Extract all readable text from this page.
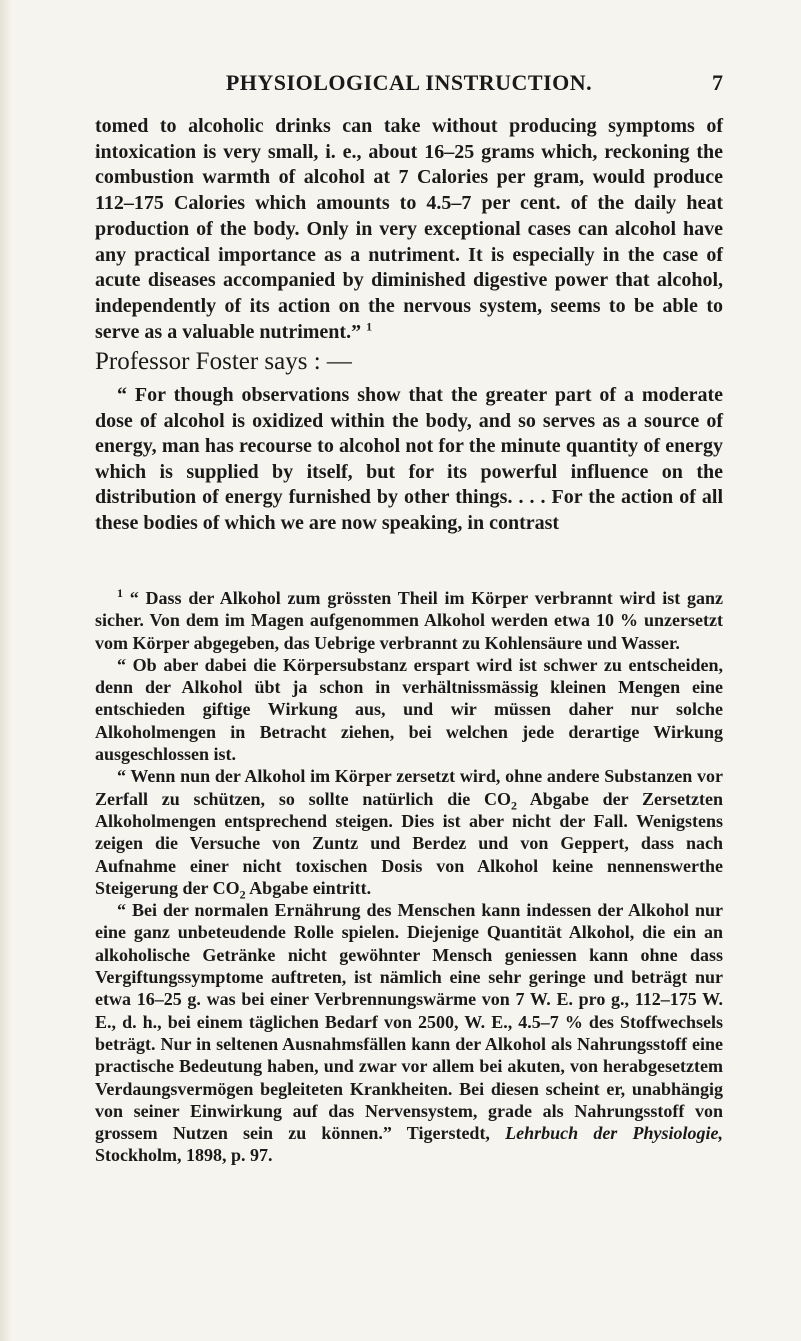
PHYSIOLOGICAL INSTRUCTION.	7

tomed to alcoholic drinks can take without producing symptoms of intoxication is very small, i. e., about 16–25 grams which, reckoning the combustion warmth of alcohol at 7 Calories per gram, would produce 112–175 Calories which amounts to 4.5–7 per cent. of the daily heat production of the body. Only in very exceptional cases can alcohol have any practical importance as a nutriment. It is especially in the case of acute diseases accompanied by diminished digestive power that alcohol, independently of its action on the nervous system, seems to be able to serve as a valuable nutriment.” $^1$

Professor Foster says : —

“ For though observations show that the greater part of a moderate dose of alcohol is oxidized within the body, and so serves as a source of energy, man has recourse to alcohol not for the minute quantity of energy which is supplied by itself, but for its powerful influence on the distribution of energy furnished by other things. . . . For the action of all these bodies of which we are now speaking, in contrast

$^1$ “ Dass der Alkohol zum grössten Theil im Körper verbrannt wird ist ganz sicher. Von dem im Magen aufgenommen Alkohol werden etwa 10 % unzersetzt vom Körper abgegeben, das Uebrige verbrannt zu Kohlensäure und Wasser.

“ Ob aber dabei die Körpersubstanz erspart wird ist schwer zu entscheiden, denn der Alkohol übt ja schon in verhältnissmässig kleinen Mengen eine entschieden giftige Wirkung aus, und wir müssen daher nur solche Alkoholmengen in Betracht ziehen, bei welchen jede derartige Wirkung ausgeschlossen ist.

“ Wenn nun der Alkohol im Körper zersetzt wird, ohne andere Substanzen vor Zerfall zu schützen, so sollte natürlich die $CO_2$ Abgabe der Zersetzten Alkoholmengen entsprechend steigen. Dies ist aber nicht der Fall. Wenigstens zeigen die Versuche von Zuntz und Berdez und von Geppert, dass nach Aufnahme einer nicht toxischen Dosis von Alkohol keine nennenswerthe Steigerung der $CO_2$ Abgabe eintritt.

“ Bei der normalen Ernährung des Menschen kann indessen der Alkohol nur eine ganz unbeteudende Rolle spielen. Diejenige Quantität Alkohol, die ein an alkoholische Getränke nicht gewöhnter Mensch geniessen kann ohne dass Vergiftungssymptome auftreten, ist nämlich eine sehr geringe und beträgt nur etwa 16–25 g. was bei einer Verbrennungswärme von 7 W. E. pro g., 112–175 W. E., d. h., bei einem täglichen Bedarf von 2500, W. E., 4.5–7 % des Stoffwechsels beträgt. Nur in seltenen Ausnahmsfällen kann der Alkohol als Nahrungsstoff eine practische Bedeutung haben, und zwar vor allem bei akuten, von herabgesetztem Verdaungsvermögen begleiteten Krankheiten. Bei diesen scheint er, unabhängig von seiner Einwirkung auf das Nervensystem, grade als Nahrungsstoff von grossem Nutzen sein zu können.” Tigerstedt, Lehrbuch der Physiologie, Stockholm, 1898, p. 97.
